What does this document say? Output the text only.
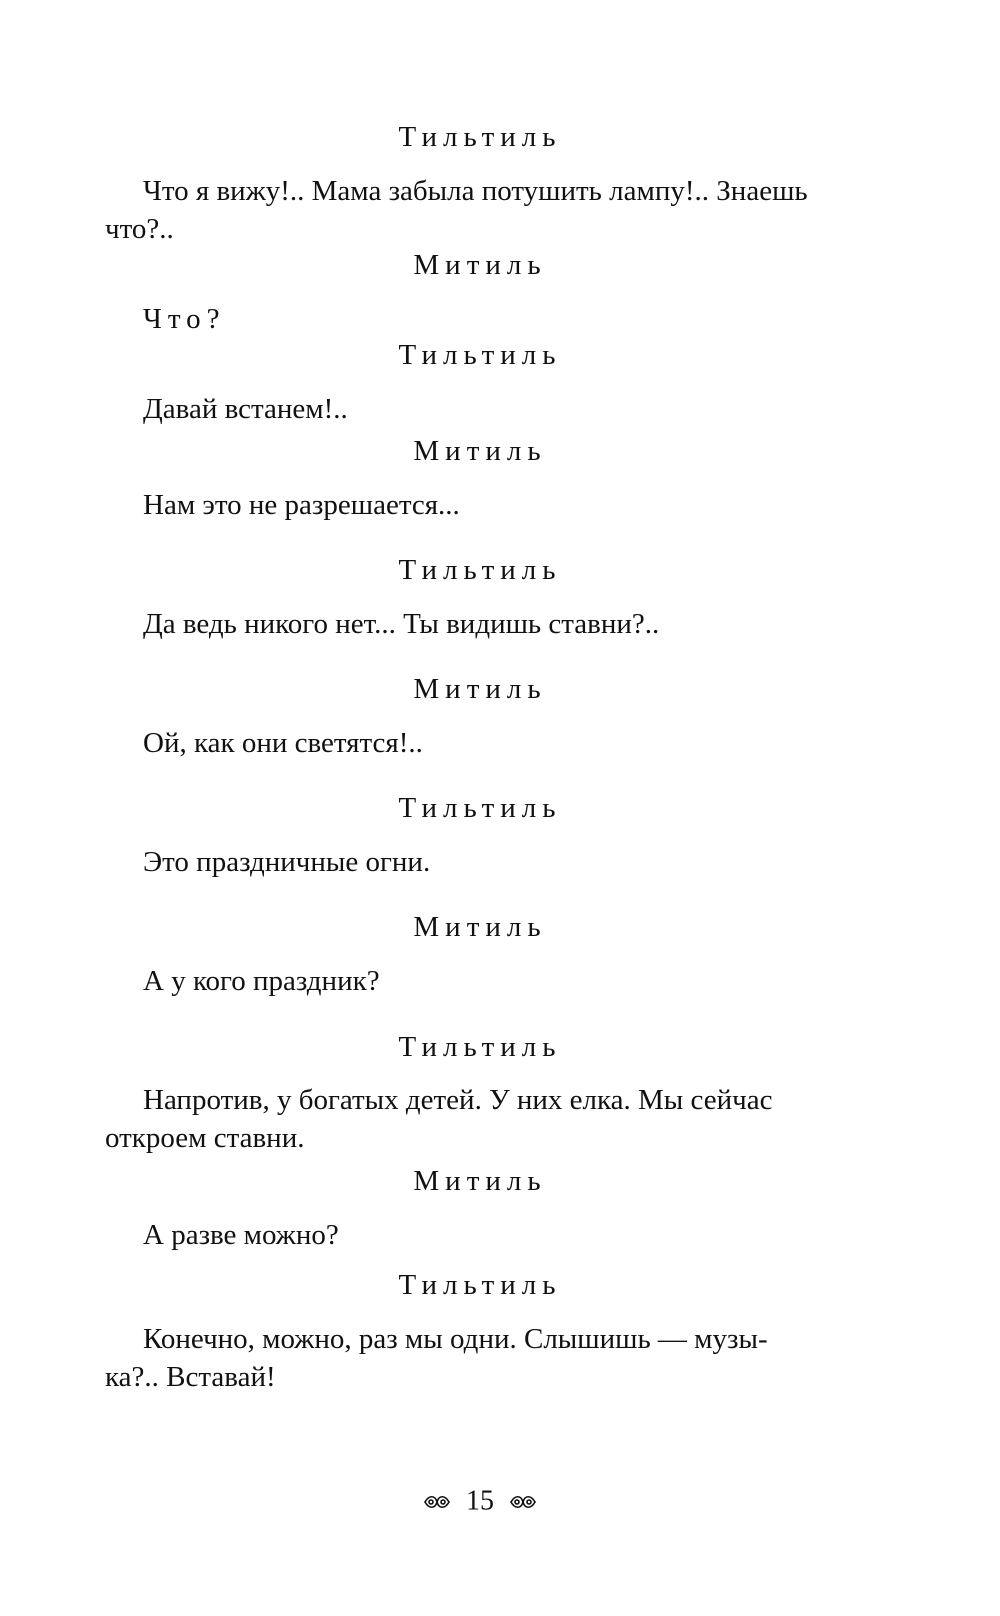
Тильтиль
Что я вижу!.. Мама забыла потушить лампу!.. Знаешь
что?..
Митиль
Что?
Тильтиль
Давай встанем!..
Митиль
Нам это не разрешается...
Тильтиль
Да ведь никого нет... Ты видишь ставни?..
Митиль
Ой, как они светятся!..
Тильтиль
Это праздничные огни.
Митиль
А у кого праздник?
Тильтиль
Напротив, у богатых детей. У них елка. Мы сейчас
откроем ставни.
Митиль
А разве можно?
Тильтиль
Конечно, можно, раз мы одни. Слышишь — музы-
ка?.. Вставай!
15
